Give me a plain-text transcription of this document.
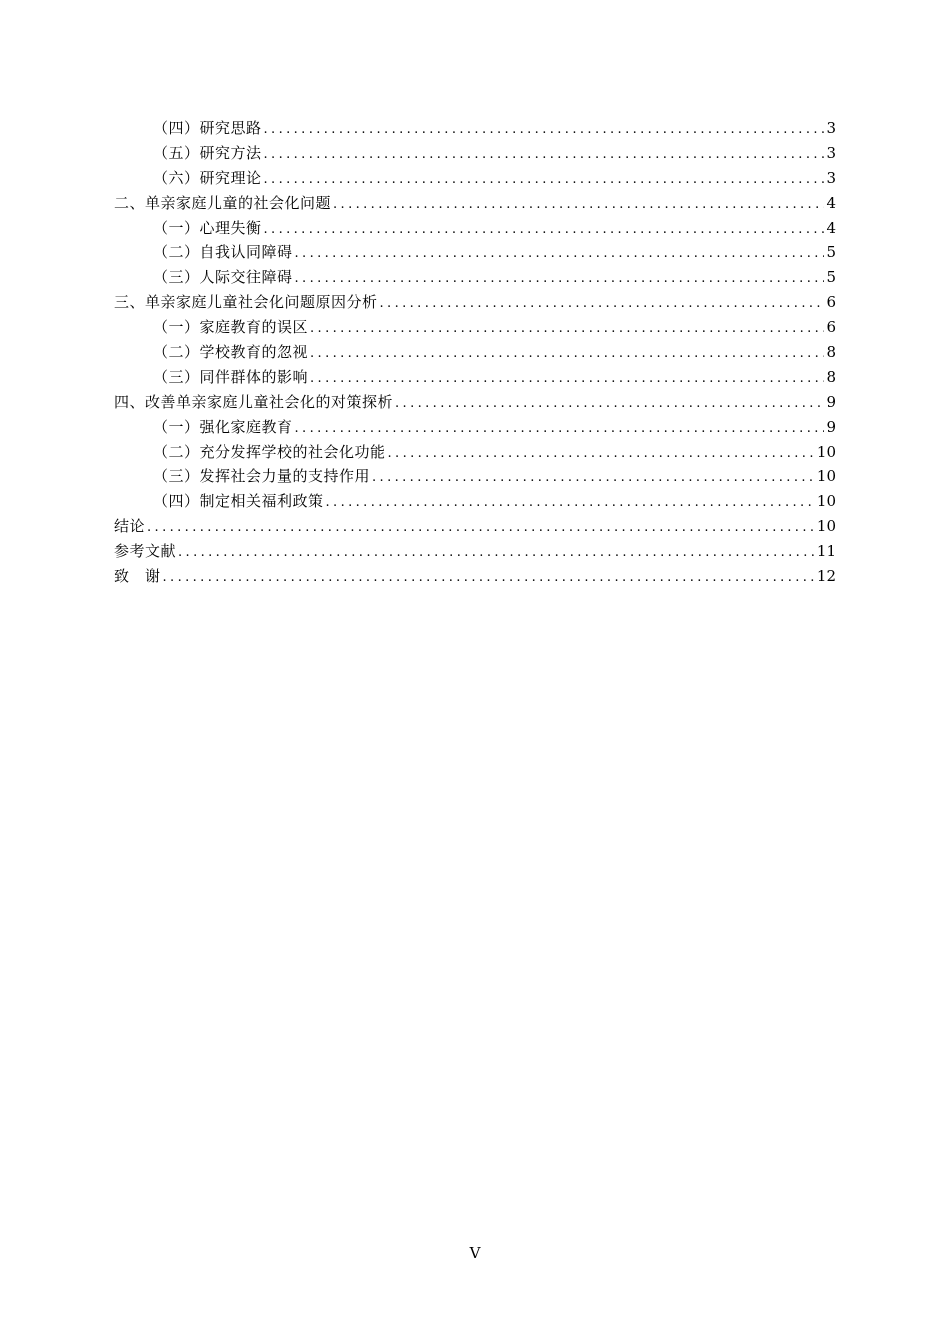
（四）研究思路 .....	3
（五）研究方法 .....	3
（六）研究理论 .....	3
二、单亲家庭儿童的社会化问题 .....	4
（一）心理失衡 .....	4
（二）自我认同障碍 .....	5
（三）人际交往障碍 .....	5
三、单亲家庭儿童社会化问题原因分析 .....	6
（一）家庭教育的误区 .....	6
（二）学校教育的忽视 .....	8
（三）同伴群体的影响 .....	8
四、改善单亲家庭儿童社会化的对策探析 .....	9
（一）强化家庭教育 .....	9
（二）充分发挥学校的社会化功能 .....	10
（三）发挥社会力量的支持作用 .....	10
（四）制定相关福利政策 .....	10
结论 .....	10
参考文献 .....	11
致　谢 .....	12
V
